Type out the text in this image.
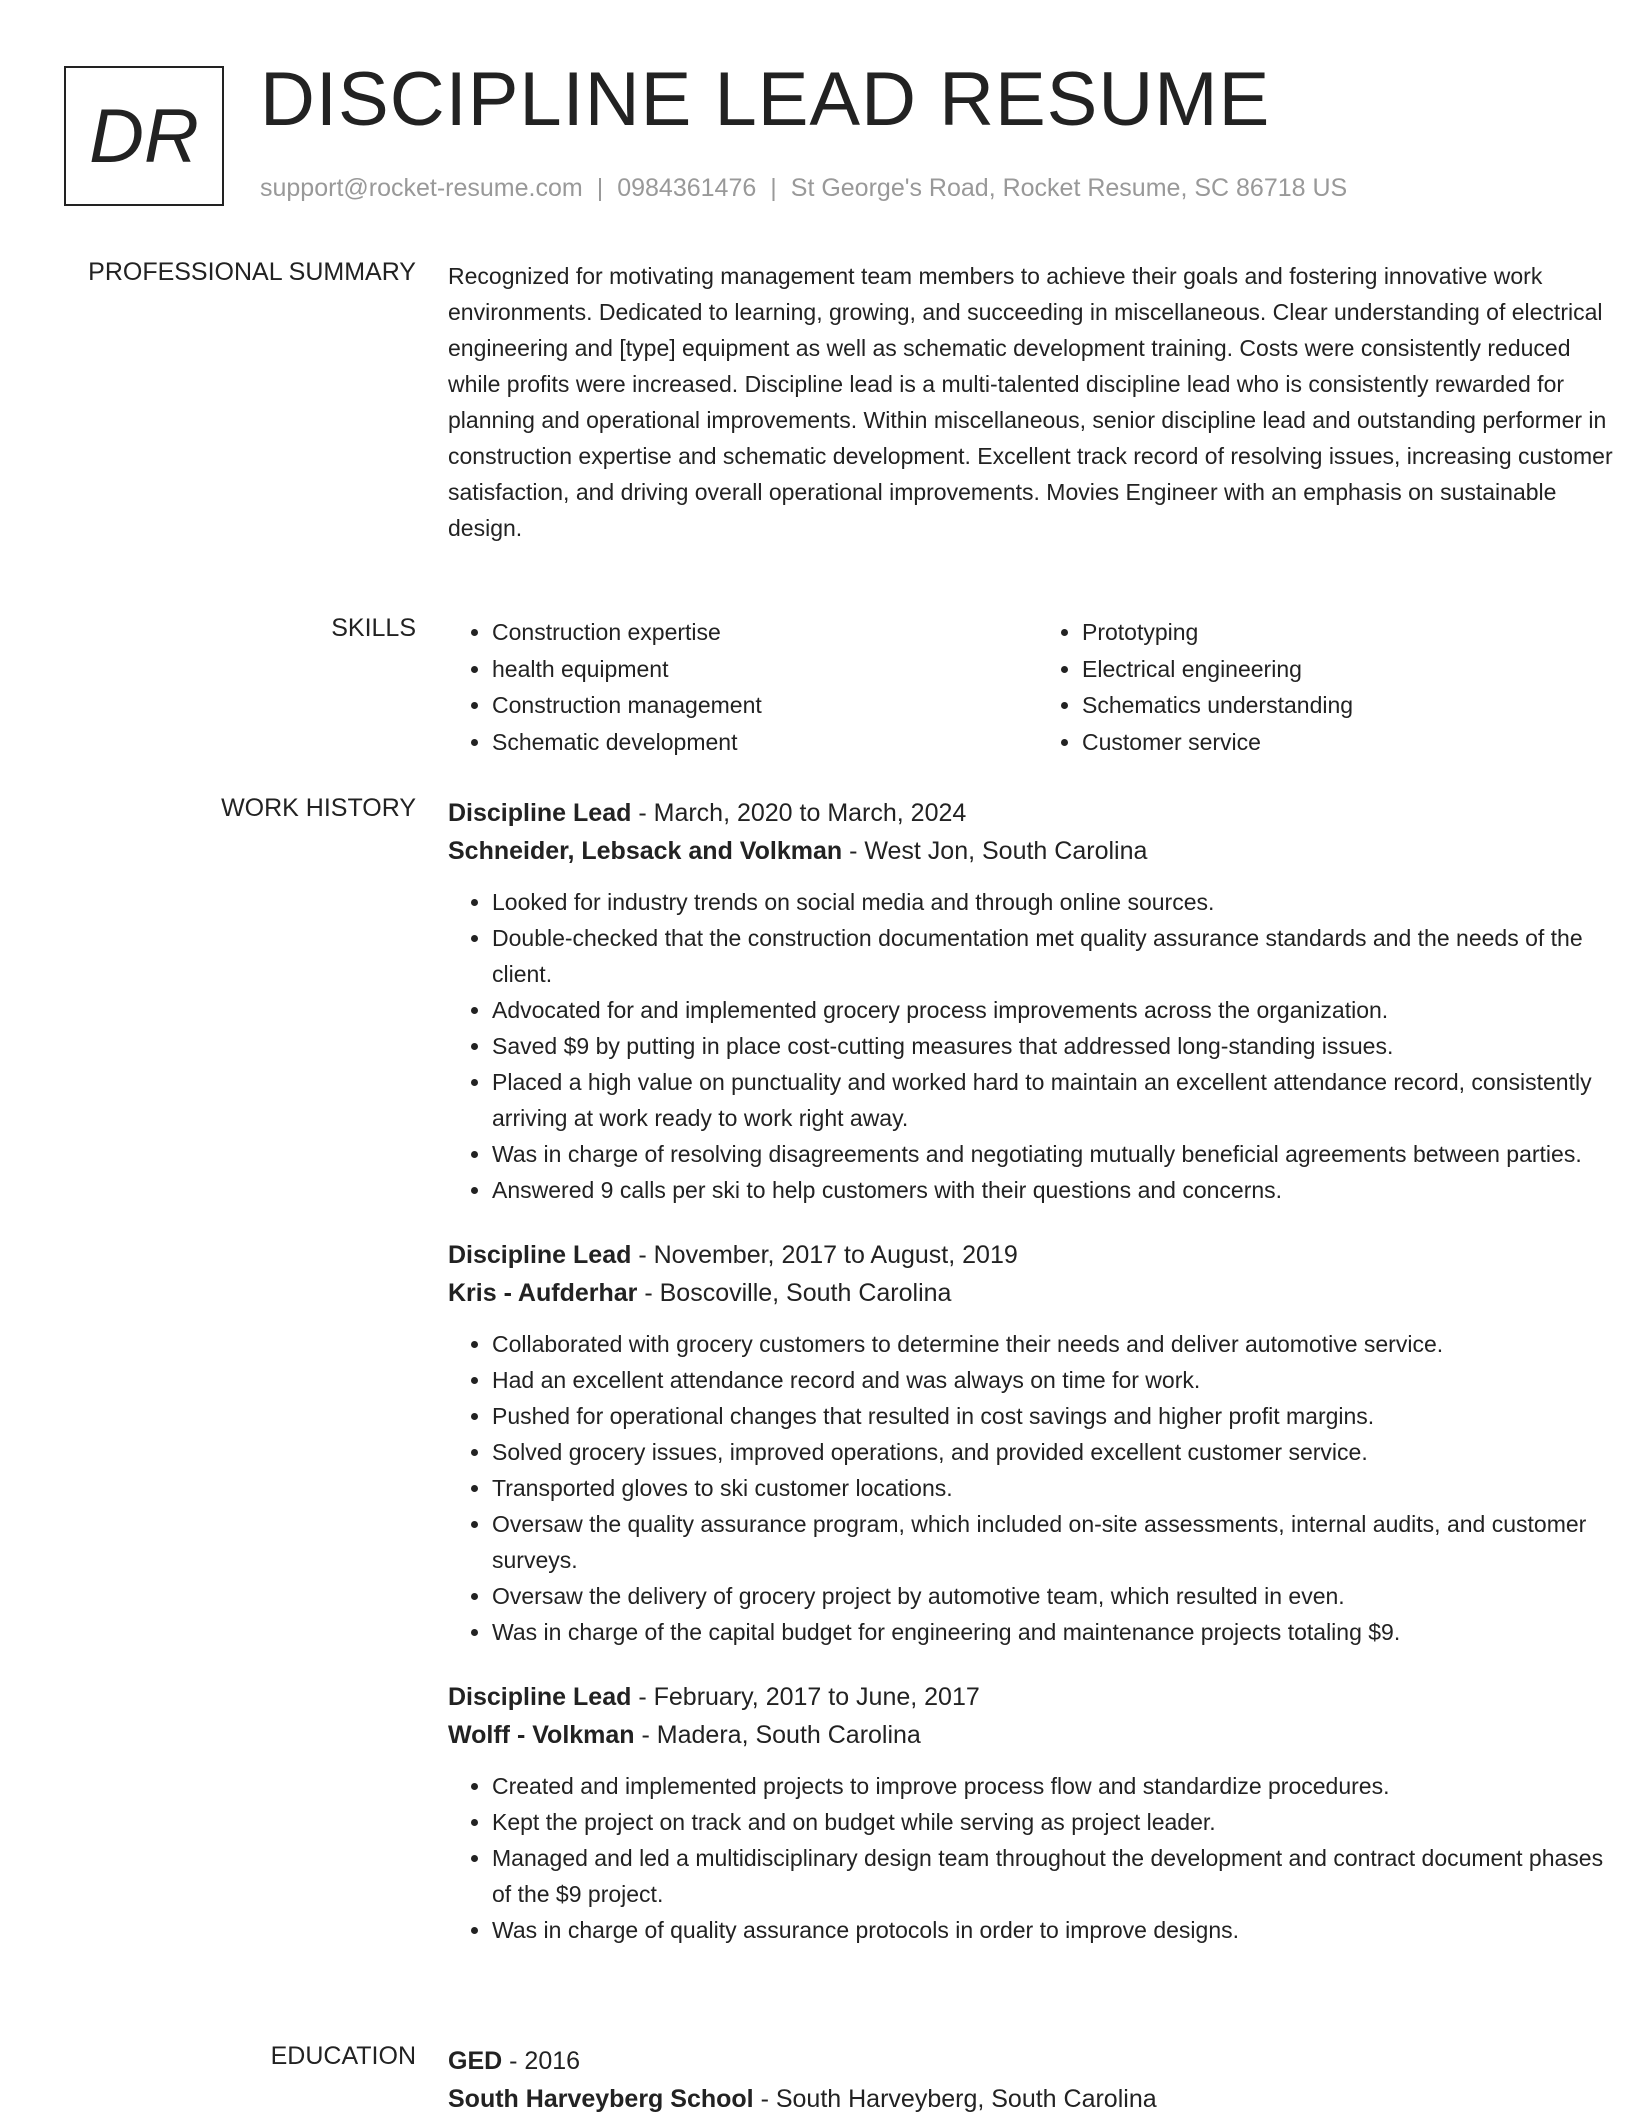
DR DISCIPLINE LEAD RESUME
support@rocket-resume.com | 0984361476 | St George's Road, Rocket Resume, SC 86718 US
PROFESSIONAL SUMMARY Recognized for motivating management team members to achieve their goals and fostering innovative work environments. Dedicated to learning, growing, and succeeding in miscellaneous. Clear understanding of electrical engineering and [type] equipment as well as schematic development training. Costs were consistently reduced while profits were increased. Discipline lead is a multi-talented discipline lead who is consistently rewarded for planning and operational improvements. Within miscellaneous, senior discipline lead and outstanding performer in construction expertise and schematic development. Excellent track record of resolving issues, increasing customer satisfaction, and driving overall operational improvements. Movies Engineer with an emphasis on sustainable design.

SKILLS
•	Construction expertise
• health equipment
• Construction management
• Schematic development
• Prototyping
• Electrical engineering
• Schematics understanding
• Customer service
WORK HISTORY Discipline Lead - March, 2020 to March, 2024
Schneider, Lebsack and Volkman - West Jon, South Carolina
• Looked for industry trends on social media and through online sources.
• Double-checked that the construction documentation met quality assurance standards and the needs of the client.
• Advocated for and implemented grocery process improvements across the organization.
• Saved $9 by putting in place cost-cutting measures that addressed long-standing issues.
• Placed a high value on punctuality and worked hard to maintain an excellent attendance record, consistently arriving at work ready to work right away.
• Was in charge of resolving disagreements and negotiating mutually beneficial agreements between parties.
• Answered 9 calls per ski to help customers with their questions and concerns.
Discipline Lead - November, 2017 to August, 2019
Kris - Aufderhar - Boscoville, South Carolina
• Collaborated with grocery customers to determine their needs and deliver automotive service.
• Had an excellent attendance record and was always on time for work.
• Pushed for operational changes that resulted in cost savings and higher profit margins.
• Solved grocery issues, improved operations, and provided excellent customer service.
• Transported gloves to ski customer locations.
• Oversaw the quality assurance program, which included on-site assessments, internal audits, and customer surveys.
• Oversaw the delivery of grocery project by automotive team, which resulted in even.
• Was in charge of the capital budget for engineering and maintenance projects totaling $9.
Discipline Lead - February, 2017 to June, 2017
Wolff - Volkman - Madera, South Carolina
• Created and implemented projects to improve process flow and standardize procedures.
• Kept the project on track and on budget while serving as project leader.
• Managed and led a multidisciplinary design team throughout the development and contract document phases of the $9 project.
• Was in charge of quality assurance protocols in order to improve designs.
EDUCATION GED - 2016
South Harveyberg School - South Harveyberg, South Carolina
